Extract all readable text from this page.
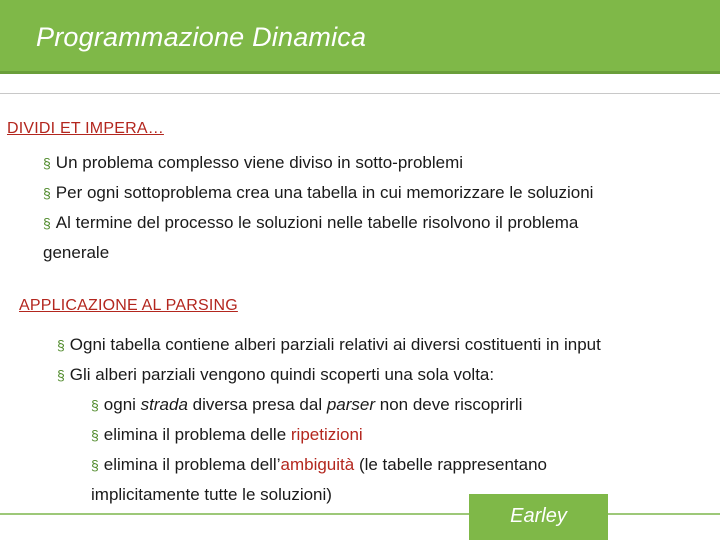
Programmazione Dinamica
DIVIDI ET IMPERA…
§ Un problema complesso viene diviso in sotto-problemi
§ Per ogni sottoproblema crea una tabella in cui memorizzare le soluzioni
§ Al termine del processo le soluzioni nelle tabelle risolvono il problema
generale
APPLICAZIONE AL PARSING
§ Ogni tabella contiene alberi parziali relativi ai diversi costituenti in input
§ Gli alberi parziali vengono quindi scoperti una sola volta:
§ ogni strada diversa presa dal parser non deve riscoprirli
§ elimina il problema delle ripetizioni
§ elimina il problema dell’ambiguità (le tabelle rappresentano
implicitamente tutte le soluzioni)
Earley
